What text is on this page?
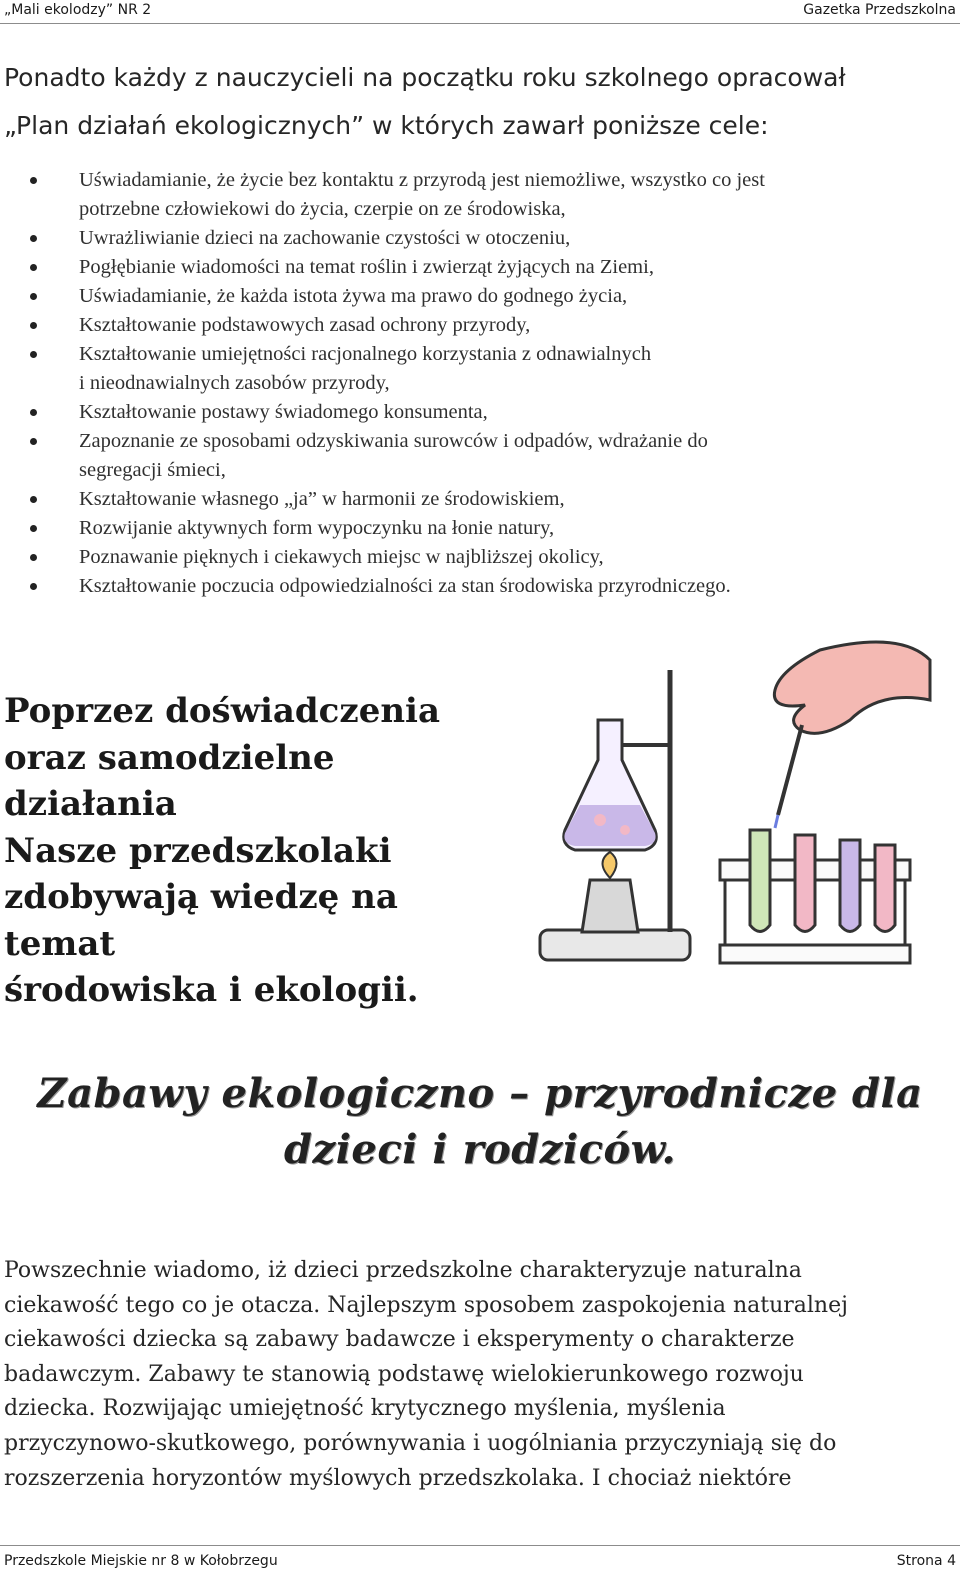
„Mali ekolodzy” NR 2	Gazetka Przedszkolna
Ponadto każdy z nauczycieli na początku roku szkolnego opracował
„Plan działań ekologicznych” w których zawarł poniższe cele:
Uświadamianie, że życie bez kontaktu z przyrodą jest niemożliwe, wszystko co jest
potrzebne człowiekowi do życia, czerpie on ze środowiska,
Uwrażliwianie dzieci na zachowanie czystości w otoczeniu,
Pogłębianie wiadomości na temat roślin i zwierząt żyjących na Ziemi,
Uświadamianie, że każda istota żywa ma prawo do godnego życia,
Kształtowanie podstawowych zasad ochrony przyrody,
Kształtowanie umiejętności racjonalnego korzystania z odnawialnych
i nieodnawialnych zasobów przyrody,
Kształtowanie postawy świadomego konsumenta,
Zapoznanie ze sposobami odzyskiwania surowców i odpadów, wdrażanie do
segregacji śmieci,
Kształtowanie własnego „ja” w harmonii ze środowiskiem,
Rozwijanie aktywnych form wypoczynku na łonie natury,
Poznawanie pięknych i ciekawych miejsc w najbliższej okolicy,
Kształtowanie poczucia odpowiedzialności za stan środowiska przyrodniczego.
Poprzez doświadczenia
oraz samodzielne działania
Nasze przedszkolaki
zdobywają wiedzę na temat
środowiska i ekologii.
Zabawy ekologiczno – przyrodnicze dla
dzieci i rodziców.

Powszechnie wiadomo, iż dzieci przedszkolne charakteryzuje naturalna
ciekawość tego co je otacza. Najlepszym sposobem zaspokojenia naturalnej
ciekawości dziecka są zabawy badawcze i eksperymenty o charakterze
badawczym. Zabawy te stanowią podstawę wielokierunkowego rozwoju
dziecka. Rozwijając umiejętność krytycznego myślenia, myślenia
przyczynowo-skutkowego, porównywania i uogólniania przyczyniają się do
rozszerzenia horyzontów myślowych przedszkolaka. I chociaż niektóre

Przedszkole Miejskie nr 8 w Kołobrzegu	Strona 4
